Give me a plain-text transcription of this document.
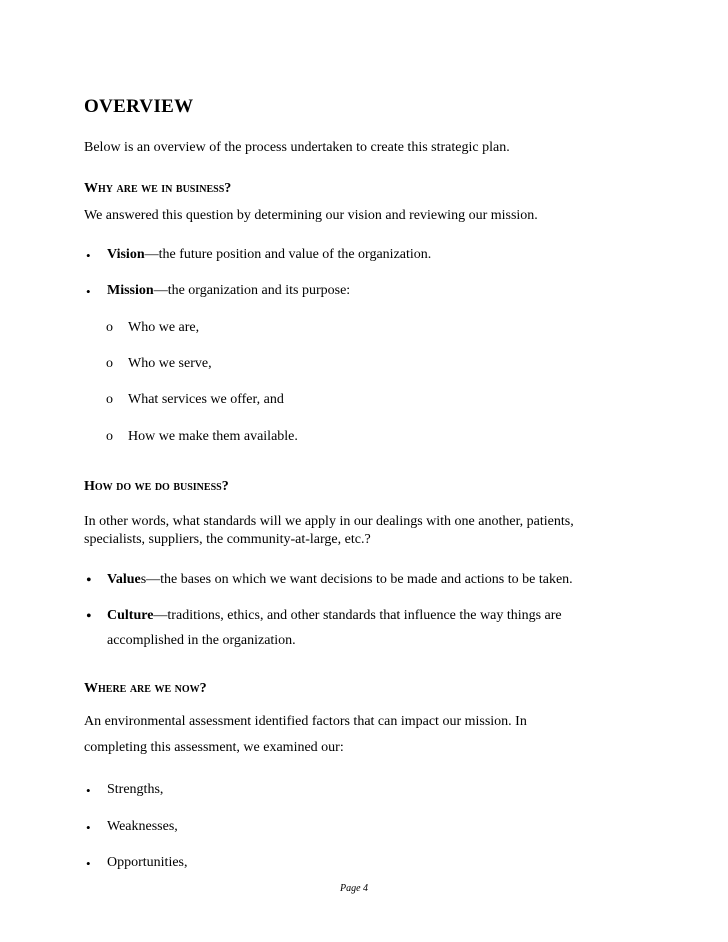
OVERVIEW
Below is an overview of the process undertaken to create this strategic plan.
Why are we in business?
We answered this question by determining our vision and reviewing our mission.
• Vision—the future position and value of the organization.
• Mission—the organization and its purpose:
o Who we are,
o Who we serve,
o What services we offer, and
o How we make them available.
How do we do business?
In other words, what standards will we apply in our dealings with one another, patients,
specialists, suppliers, the community-at-large, etc.?
• Values—the bases on which we want decisions to be made and actions to be taken.
• Culture—traditions, ethics, and other standards that influence the way things are
accomplished in the organization.
Where are we now?
An environmental assessment identified factors that can impact our mission. In
completing this assessment, we examined our:
• Strengths,
• Weaknesses,
• Opportunities,
Page 4
